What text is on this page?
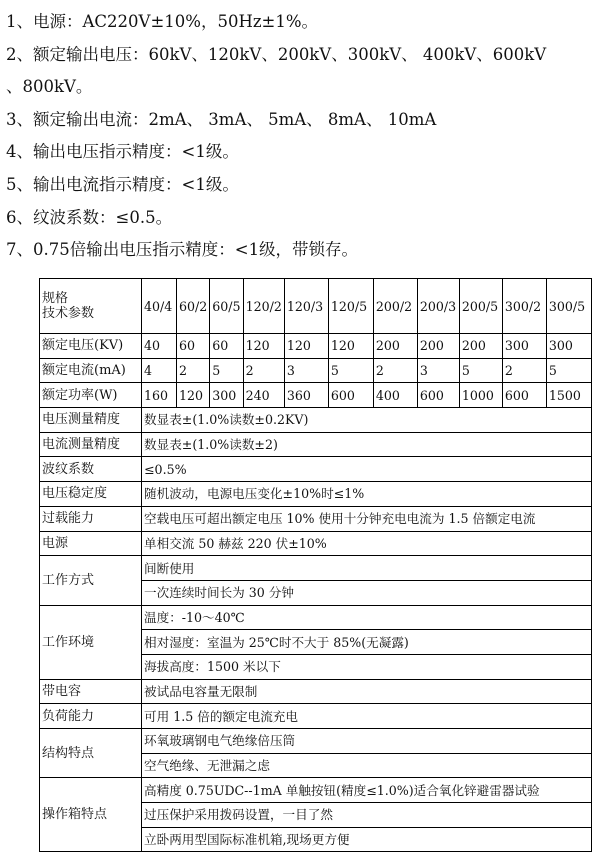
1、电源：AC220V±10%，50Hz±1%。
2、额定输出电压：60kV、120kV、200kV、300kV、 400kV、600kV
、800kV。
3、额定输出电流：2mA、 3mA、 5mA、 8mA、 10mA
4、输出电压指示精度：<1级。
5、输出电流指示精度：<1级。
6、纹波系数：≤0.5。
7、0.75倍输出电压指示精度：<1级，带锁存。
规格
技术参数	40/4	60/2	60/5	120/2	120/3	120/5	200/2	200/3	200/5	300/2	300/5
额定电压(KV)	40	60	60	120	120	120	200	200	200	300	300
额定电流(mA)	4	2	5	2	3	5	2	3	5	2	5
额定功率(W)	160	120	300	240	360	600	400	600	1000	600	1500
电压测量精度	数显表±(1.0%读数±0.2KV)										
电流测量精度	数显表±(1.0%读数±2)										
波纹系数	≤0.5%										
电压稳定度	随机波动，电源电压变化±10%时≤1%										
过载能力	空载电压可超出额定电压 10% 使用十分钟充电电流为 1.5 倍额定电流										
电源	单相交流 50 赫兹 220 伏±10%										
工作方式	间断使用										
	一次连续时间长为 30 分钟										
工作环境	温度：-10～40℃										
	相对湿度：室温为 25℃时不大于 85%(无凝露)										
	海拔高度：1500 米以下										
带电容	被试品电容量无限制										
负荷能力	可用 1.5 倍的额定电流充电										
结构特点	环氧玻璃钢电气绝缘倍压筒										
	空气绝缘、无泄漏之虑										
操作箱特点	高精度 0.75UDC--1mA 单触按钮(精度≤1.0%)适合氧化锌避雷器试验										
	过压保护采用拨码设置，一目了然										
	立卧两用型国际标准机箱,现场更方便										
